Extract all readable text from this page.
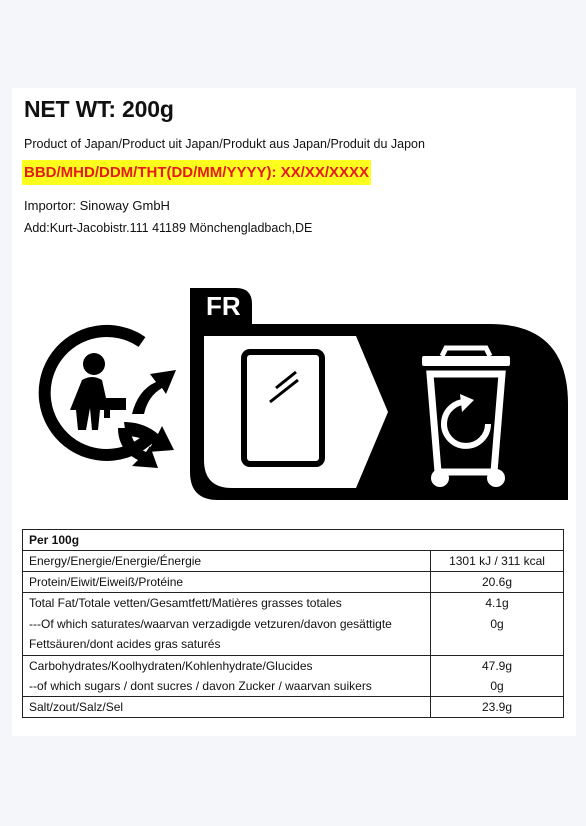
NET WT: 200g
Product of Japan/Product uit Japan/Produkt aus Japan/Produit du Japon
BBD/MHD/DDM/THT(DD/MM/YYYY): XX/XX/XXXX
Importor: Sinoway GmbH
Add:Kurt-Jacobistr.111 41189 Mönchengladbach,DE
FR
Per 100g	
Energy/Energie/Energie/Énergie	1301 kJ / 311 kcal
Protein/Eiwit/Eiweiß/Protéine	20.6g
Total Fat/Totale vetten/Gesamtfett/Matières grasses totales	4.1g

---Of which saturates/waarvan verzadigde vetzuren/davon gesättigte
Fettsäuren/dont acides gras saturés	0g
Carbohydrates/Koolhydraten/Kohlenhydrate/Glucides	47.9g
--of which sugars / dont sucres / davon Zucker / waarvan suikers	0g
Salt/zout/Salz/Sel	23.9g
